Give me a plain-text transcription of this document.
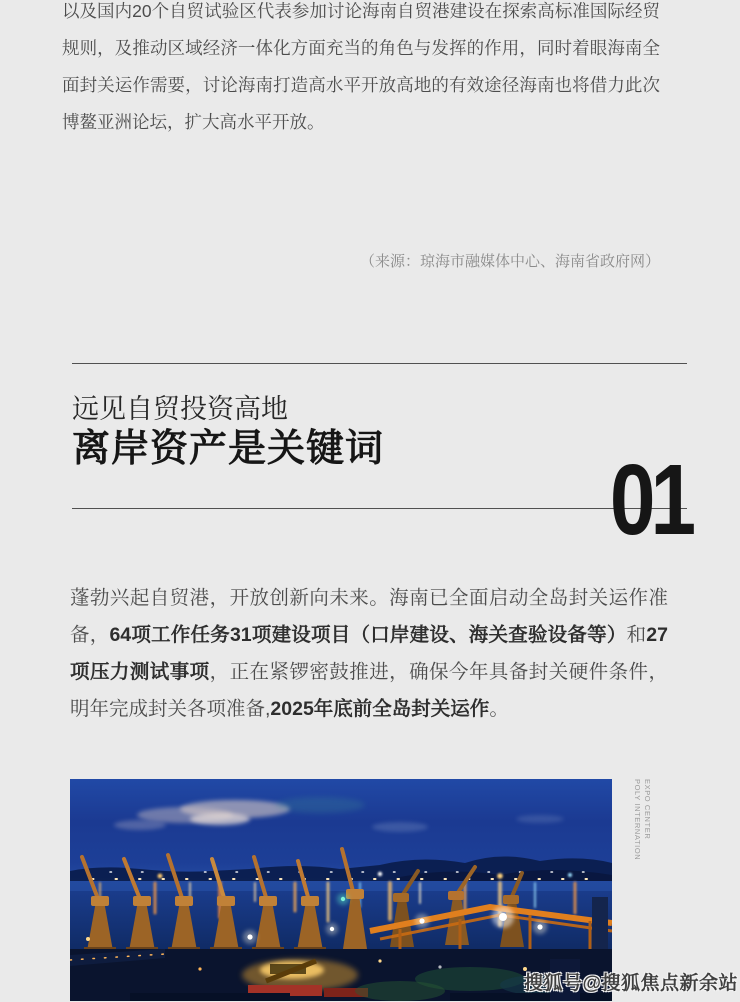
以及国内20个自贸试验区代表参加讨论海南自贸港建设在探索高标准国际经贸规则，及推动区域经济一体化方面充当的角色与发挥的作用，同时着眼海南全面封关运作需要，讨论海南打造高水平开放高地的有效途径海南也将借力此次博鳌亚洲论坛，扩大高水平开放。

（来源：琼海市融媒体中心、海南省政府网）

远见自贸投资高地
离岸资产是关键词	01

蓬勃兴起自贸港，开放创新向未来。海南已全面启动全岛封关运作准备，64项工作任务31项建设项目（口岸建设、海关查验设备等）和27项压力测试事项，正在紧锣密鼓推进，确保今年具备封关硬件条件，明年完成封关各项准备,2025年底前全岛封关运作。

POLY INTERNATION EXPO CENTER
搜狐号@搜狐焦点新余站
